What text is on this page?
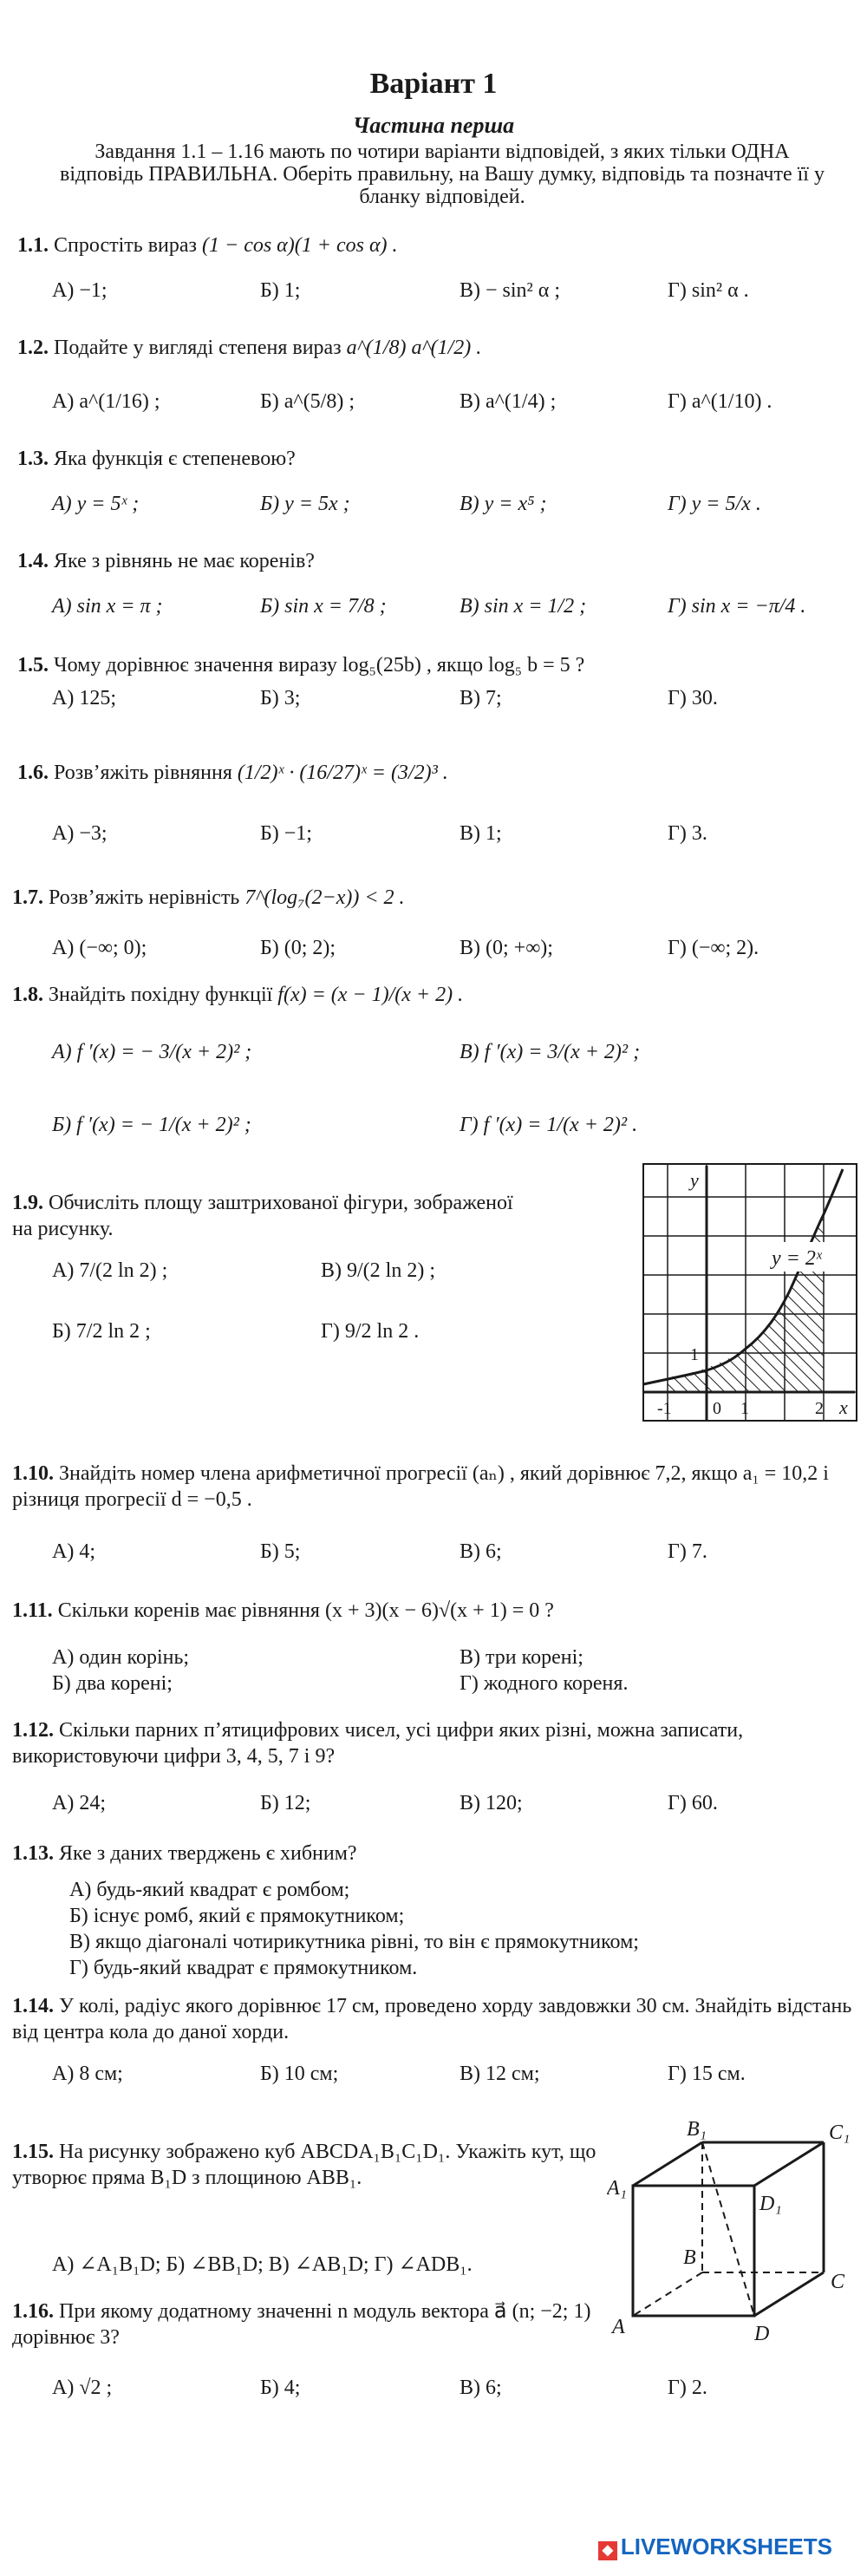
Варіант 1
Частина перша
Завдання 1.1 – 1.16 мають по чотири варіанти відповідей, з яких тільки ОДНА відповідь ПРАВИЛЬНА. Оберіть правильну, на Вашу думку, відповідь та позначте її у бланку відповідей.
1.1. Спростіть вираз (1 − cos α)(1 + cos α) .
А) −1;	Б) 1;	В) − sin² α ;	Г) sin² α .
1.2. Подайте у вигляді степеня вираз a^(1/8) a^(1/2) .
А) a^(1/16) ;	Б) a^(5/8) ;	В) a^(1/4) ;	Г) a^(1/10) .
1.3. Яка функція є степеневою?
А) y = 5ˣ ;	Б) y = 5x ;	В) y = x⁵ ;	Г) y = 5/x .
1.4. Яке з рівнянь не має коренів?
А) sin x = π ;	Б) sin x = 7/8 ;	В) sin x = 1/2 ;	Г) sin x = −π/4 .
1.5. Чому дорівнює значення виразу log₅(25b) , якщо log₅ b = 5 ?
А) 125;	Б) 3;	В) 7;	Г) 30.
1.6. Розв’яжіть рівняння (1/2)ˣ · (16/27)ˣ = (3/2)³ .
А) −3;	Б) −1;	В) 1;	Г) 3.
1.7. Розв’яжіть нерівність 7^(log₇(2−x)) < 2 .
А) (−∞; 0);	Б) (0; 2);	В) (0; +∞);	Г) (−∞; 2).
1.8. Знайдіть похідну функції f(x) = (x − 1)/(x + 2) .
А) f ′(x) = − 3/(x + 2)² ;	В) f ′(x) = 3/(x + 2)² ;
Б) f ′(x) = − 1/(x + 2)² ;	Г) f ′(x) = 1/(x + 2)² .
1.9. Обчисліть площу заштрихованої фігури, зображеної на рисунку.
А) 7/(2 ln 2) ;	В) 9/(2 ln 2) ;
Б) 7/2 ln 2 ;	Г) 9/2 ln 2 .
y = 2ˣ
y
x
-1 0 1	2
1
1.10. Знайдіть номер члена арифметичної прогресії (aₙ) , який дорівнює 7,2, якщо a₁ = 10,2 і різниця прогресії d = −0,5 .
А) 4;	Б) 5;	В) 6;	Г) 7.
1.11. Скільки коренів має рівняння (x + 3)(x − 6)√(x + 1) = 0 ?
А) один корінь;	В) три корені;
Б) два корені;	Г) жодного кореня.
1.12. Скільки парних п’ятицифрових чисел, усі цифри яких різні, можна записати, використовуючи цифри 3, 4, 5, 7 і 9?
А) 24;	Б) 12;	В) 120;	Г) 60.
1.13. Яке з даних тверджень є хибним?
А) будь-який квадрат є ромбом;
Б) існує ромб, який є прямокутником;
В) якщо діагоналі чотирикутника рівні, то він є прямокутником;
Г) будь-який квадрат є прямокутником.
1.14. У колі, радіус якого дорівнює 17 см, проведено хорду завдовжки 30 см. Знайдіть відстань від центра кола до даної хорди.
А) 8 см;	Б) 10 см;	В) 12 см;	Г) 15 см.
1.15. На рисунку зображено куб ABCDA₁B₁C₁D₁. Укажіть кут, що утворює пряма B₁D з площиною ABB₁.
А) ∠A₁B₁D; Б) ∠BB₁D; В) ∠AB₁D; Г) ∠ADB₁.
A
B
C
D
A₁
B₁	C₁
D₁
1.16. При якому додатному значенні n модуль вектора a⃗ (n; −2; 1) дорівнює 3?
А) √2 ;	Б) 4;	В) 6;	Г) 2.
◆ LIVEWORKSHEETS
